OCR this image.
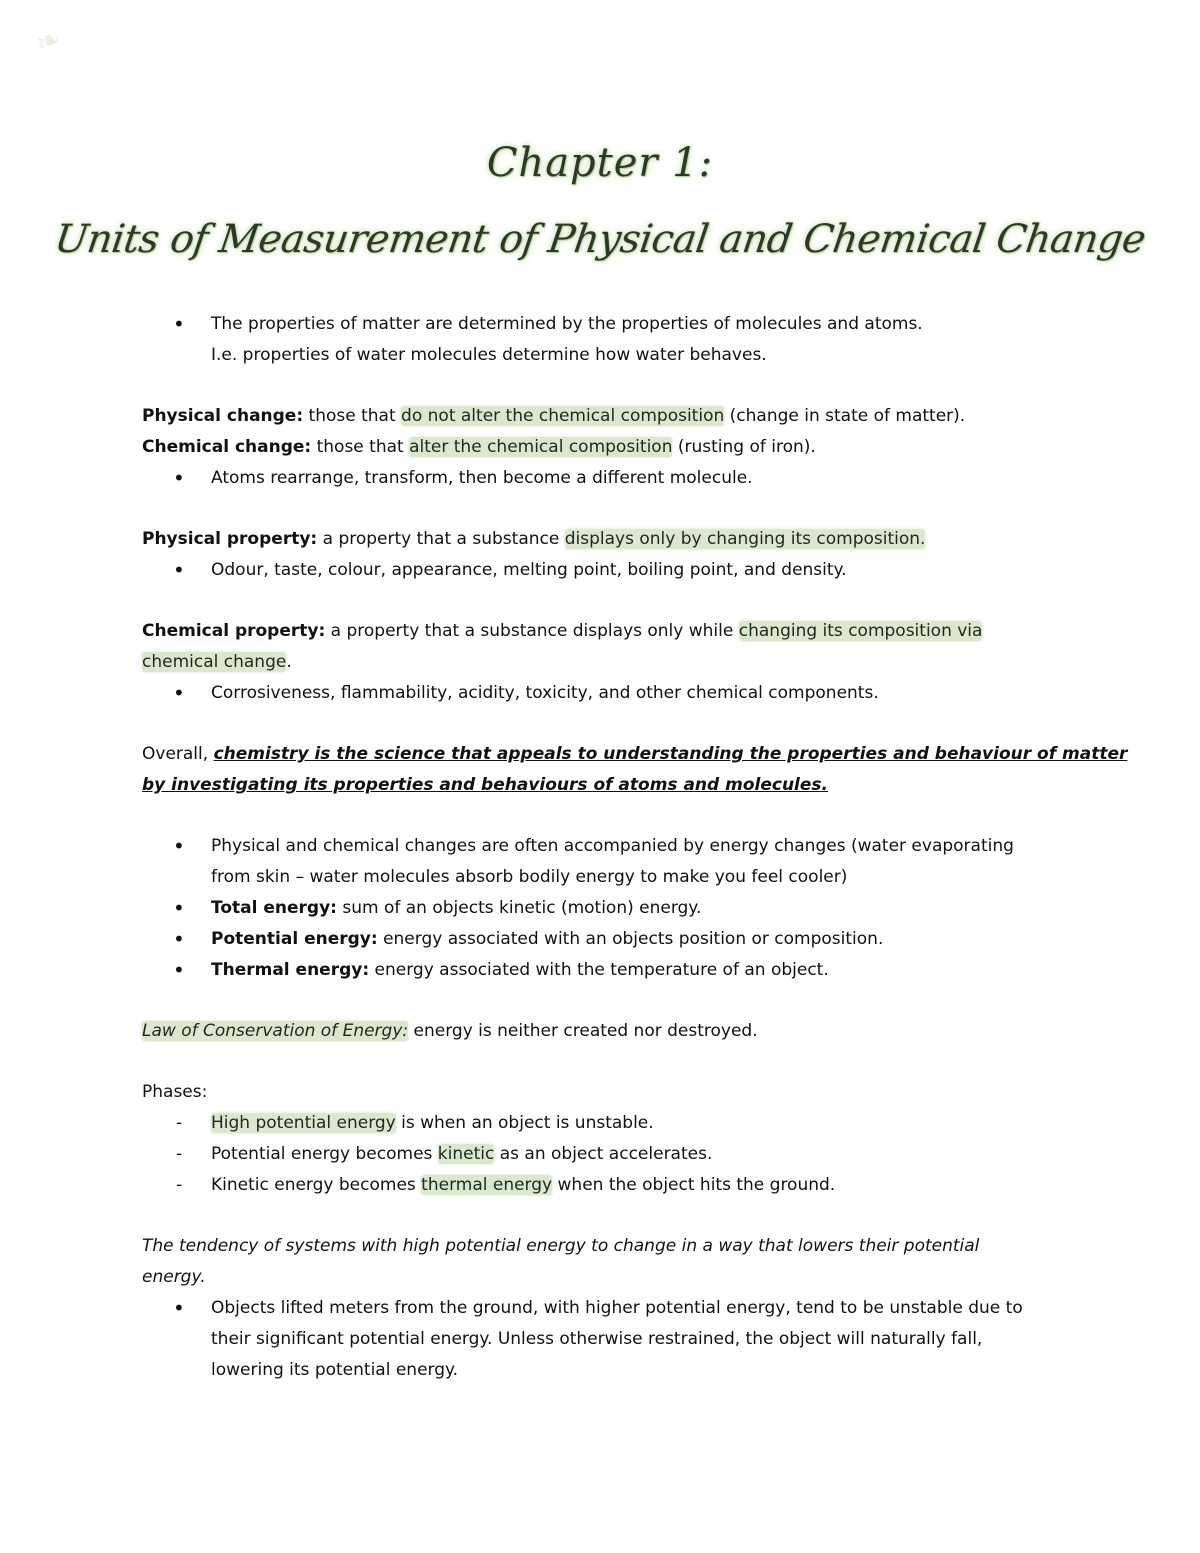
❧
Chapter 1:
Units of Measurement of Physical and Chemical Change
• The properties of matter are determined by the properties of molecules and atoms.
I.e. properties of water molecules determine how water behaves.
Physical change: those that do not alter the chemical composition (change in state of matter).
Chemical change: those that alter the chemical composition (rusting of iron).
• Atoms rearrange, transform, then become a different molecule.
Physical property: a property that a substance displays only by changing its composition.
• Odour, taste, colour, appearance, melting point, boiling point, and density.
Chemical property: a property that a substance displays only while changing its composition via
chemical change.
• Corrosiveness, flammability, acidity, toxicity, and other chemical components.
Overall, chemistry is the science that appeals to understanding the properties and behaviour of matter
by investigating its properties and behaviours of atoms and molecules.
• Physical and chemical changes are often accompanied by energy changes (water evaporating
from skin – water molecules absorb bodily energy to make you feel cooler)
• Total energy: sum of an objects kinetic (motion) energy.
• Potential energy: energy associated with an objects position or composition.
• Thermal energy: energy associated with the temperature of an object.
Law of Conservation of Energy: energy is neither created nor destroyed.
Phases:
- High potential energy is when an object is unstable.
- Potential energy becomes kinetic as an object accelerates.
- Kinetic energy becomes thermal energy when the object hits the ground.
The tendency of systems with high potential energy to change in a way that lowers their potential
energy.
• Objects lifted meters from the ground, with higher potential energy, tend to be unstable due to
their significant potential energy. Unless otherwise restrained, the object will naturally fall,
lowering its potential energy.
